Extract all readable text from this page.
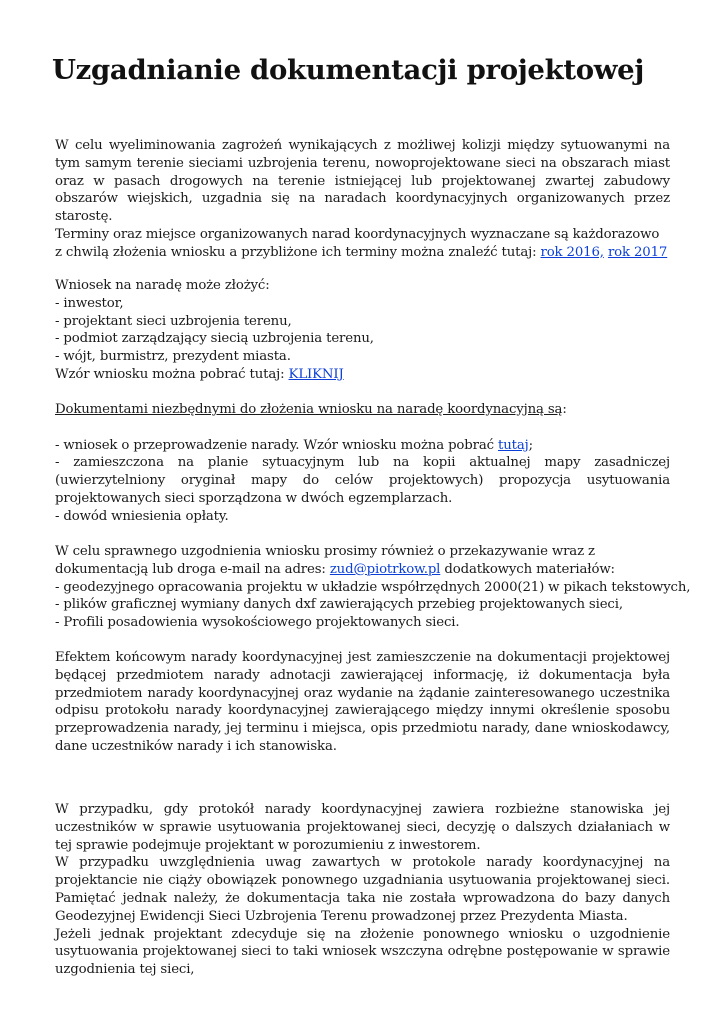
Uzgadnianie dokumentacji projektowej
W celu wyeliminowania zagrożeń wynikających z możliwej kolizji między sytuowanymi na tym samym terenie sieciami uzbrojenia terenu, nowoprojektowane sieci na obszarach miast oraz w pasach drogowych na terenie istniejącej lub projektowanej zwartej zabudowy obszarów wiejskich, uzgadnia się na naradach koordynacyjnych organizowanych przez starostę.
Terminy oraz miejsce organizowanych narad koordynacyjnych wyznaczane są każdorazowo z chwilą złożenia wniosku a przybliżone ich terminy można znaleźć tutaj: rok 2016, rok 2017
Wniosek na naradę może złożyć:
- inwestor,
- projektant sieci uzbrojenia terenu,
- podmiot zarządzający siecią uzbrojenia terenu,
- wójt, burmistrz, prezydent miasta.
Wzór wniosku można pobrać tutaj: KLIKNIJ
Dokumentami niezbędnymi do złożenia wniosku na naradę koordynacyjną są:
- wniosek o przeprowadzenie narady. Wzór wniosku można pobrać tutaj;
- zamieszczona na planie sytuacyjnym lub na kopii aktualnej mapy zasadniczej (uwierzytelniony oryginał mapy do celów projektowych) propozycja usytuowania projektowanych sieci sporządzona w dwóch egzemplarzach.
- dowód wniesienia opłaty.
W celu sprawnego uzgodnienia wniosku prosimy również o przekazywanie wraz z dokumentacją lub droga e-mail na adres: zud@piotrkow.pl dodatkowych materiałów:
- geodezyjnego opracowania projektu w układzie współrzędnych 2000(21) w pikach tekstowych,
- plików graficznej wymiany danych dxf zawierających przebieg projektowanych sieci,
- Profili posadowienia wysokościowego projektowanych sieci.
Efektem końcowym narady koordynacyjnej jest zamieszczenie na dokumentacji projektowej będącej przedmiotem narady adnotacji zawierającej informację, iż dokumentacja była przedmiotem narady koordynacyjnej oraz wydanie na żądanie zainteresowanego uczestnika odpisu protokołu narady koordynacyjnej zawierającego między innymi określenie sposobu przeprowadzenia narady, jej terminu i miejsca, opis przedmiotu narady, dane wnioskodawcy, dane uczestników narady i ich stanowiska.
W przypadku, gdy protokół narady koordynacyjnej zawiera rozbieżne stanowiska jej uczestników w sprawie usytuowania projektowanej sieci, decyzję o dalszych działaniach w tej sprawie podejmuje projektant w porozumieniu z inwestorem.
W przypadku uwzględnienia uwag zawartych w protokole narady koordynacyjnej na projektancie nie ciąży obowiązek ponownego uzgadniania usytuowania projektowanej sieci. Pamiętać jednak należy, że dokumentacja taka nie została wprowadzona do bazy danych Geodezyjnej Ewidencji Sieci Uzbrojenia Terenu prowadzonej przez Prezydenta Miasta.
Jeżeli jednak projektant zdecyduje się na złożenie ponownego wniosku o uzgodnienie usytuowania projektowanej sieci to taki wniosek wszczyna odrębne postępowanie w sprawie uzgodnienia tej sieci,
